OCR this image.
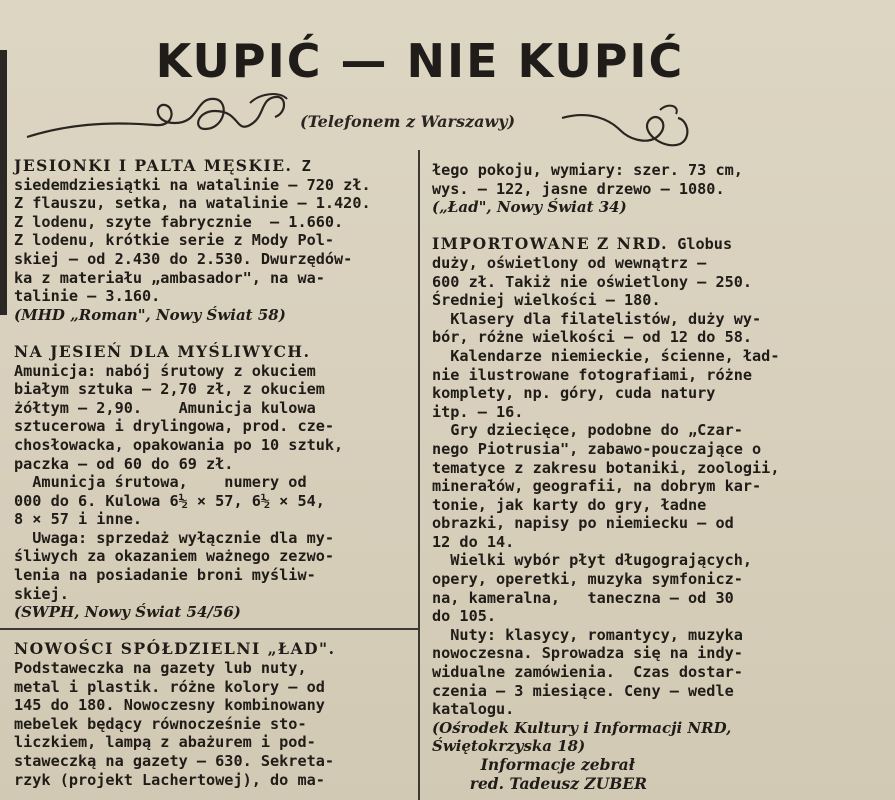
KUPIĆ — NIE KUPIĆ
(Telefonem z Warszawy)
JESIONKI I PALTA MĘSKIE. Z
siedemdziesiątki na watalinie — 720 zł.
Z flauszu, setka, na watalinie — 1.420.
Z lodenu, szyte fabrycznie  — 1.660.
Z lodenu, krótkie serie z Mody Pol-
skiej — od 2.430 do 2.530. Dwurzędów-
ka z materiału „ambasador", na wa-
talinie — 3.160.
(MHD „Roman", Nowy Świat 58)

NA JESIEŃ DLA MYŚLIWYCH.
Amunicja: nabój śrutowy z okuciem
białym sztuka — 2,70 zł, z okuciem
żółtym — 2,90.    Amunicja kulowa
sztucerowa i drylingowa, prod. cze-
chosłowacka, opakowania po 10 sztuk,
paczka — od 60 do 69 zł.
Amunicja śrutowa,    numery od
000 do 6. Kulowa 6½ × 57, 6½ × 54,
8 × 57 i inne.
Uwaga: sprzedaż wyłącznie dla my-
śliwych za okazaniem ważnego zezwo-
lenia na posiadanie broni myśliw-
skiej.
(SWPH, Nowy Świat 54/56)

NOWOŚCI SPÓŁDZIELNI „ŁAD".
Podstaweczka na gazety lub nuty,
metal i plastik. różne kolory — od
145 do 180. Nowoczesny kombinowany
mebelek będący równocześnie sto-
liczkiem, lampą z abażurem i pod-
staweczką na gazety — 630. Sekreta-
rzyk (projekt Lachertowej), do ma-
łego pokoju, wymiary: szer. 73 cm,
wys. — 122, jasne drzewo — 1080.
(„Ład", Nowy Świat 34)

IMPORTOWANE Z NRD. Globus
duży, oświetlony od wewnątrz —
600 zł. Takiż nie oświetlony — 250.
Średniej wielkości — 180.
Klasery dla filatelistów, duży wy-
bór, różne wielkości — od 12 do 58.
Kalendarze niemieckie, ścienne, ład-
nie ilustrowane fotografiami, różne
komplety, np. góry, cuda natury
itp. — 16.
Gry dziecięce, podobne do „Czar-
nego Piotrusia", zabawo-pouczające o
tematyce z zakresu botaniki, zoologii,
minerałów, geografii, na dobrym kar-
tonie, jak karty do gry, ładne
obrazki, napisy po niemiecku — od
12 do 14.
Wielki wybór płyt długogrających,
opery, operetki, muzyka symfonicz-
na, kameralna,   taneczna — od 30
do 105.
Nuty: klasycy, romantycy, muzyka
nowoczesna. Sprowadza się na indy-
widualne zamówienia.  Czas dostar-
czenia — 3 miesiące. Ceny — wedle
katalogu.
(Ośrodek Kultury i Informacji NRD,
Świętokrzyska 18)
Informacje zebrał
red. Tadeusz ZUBER
